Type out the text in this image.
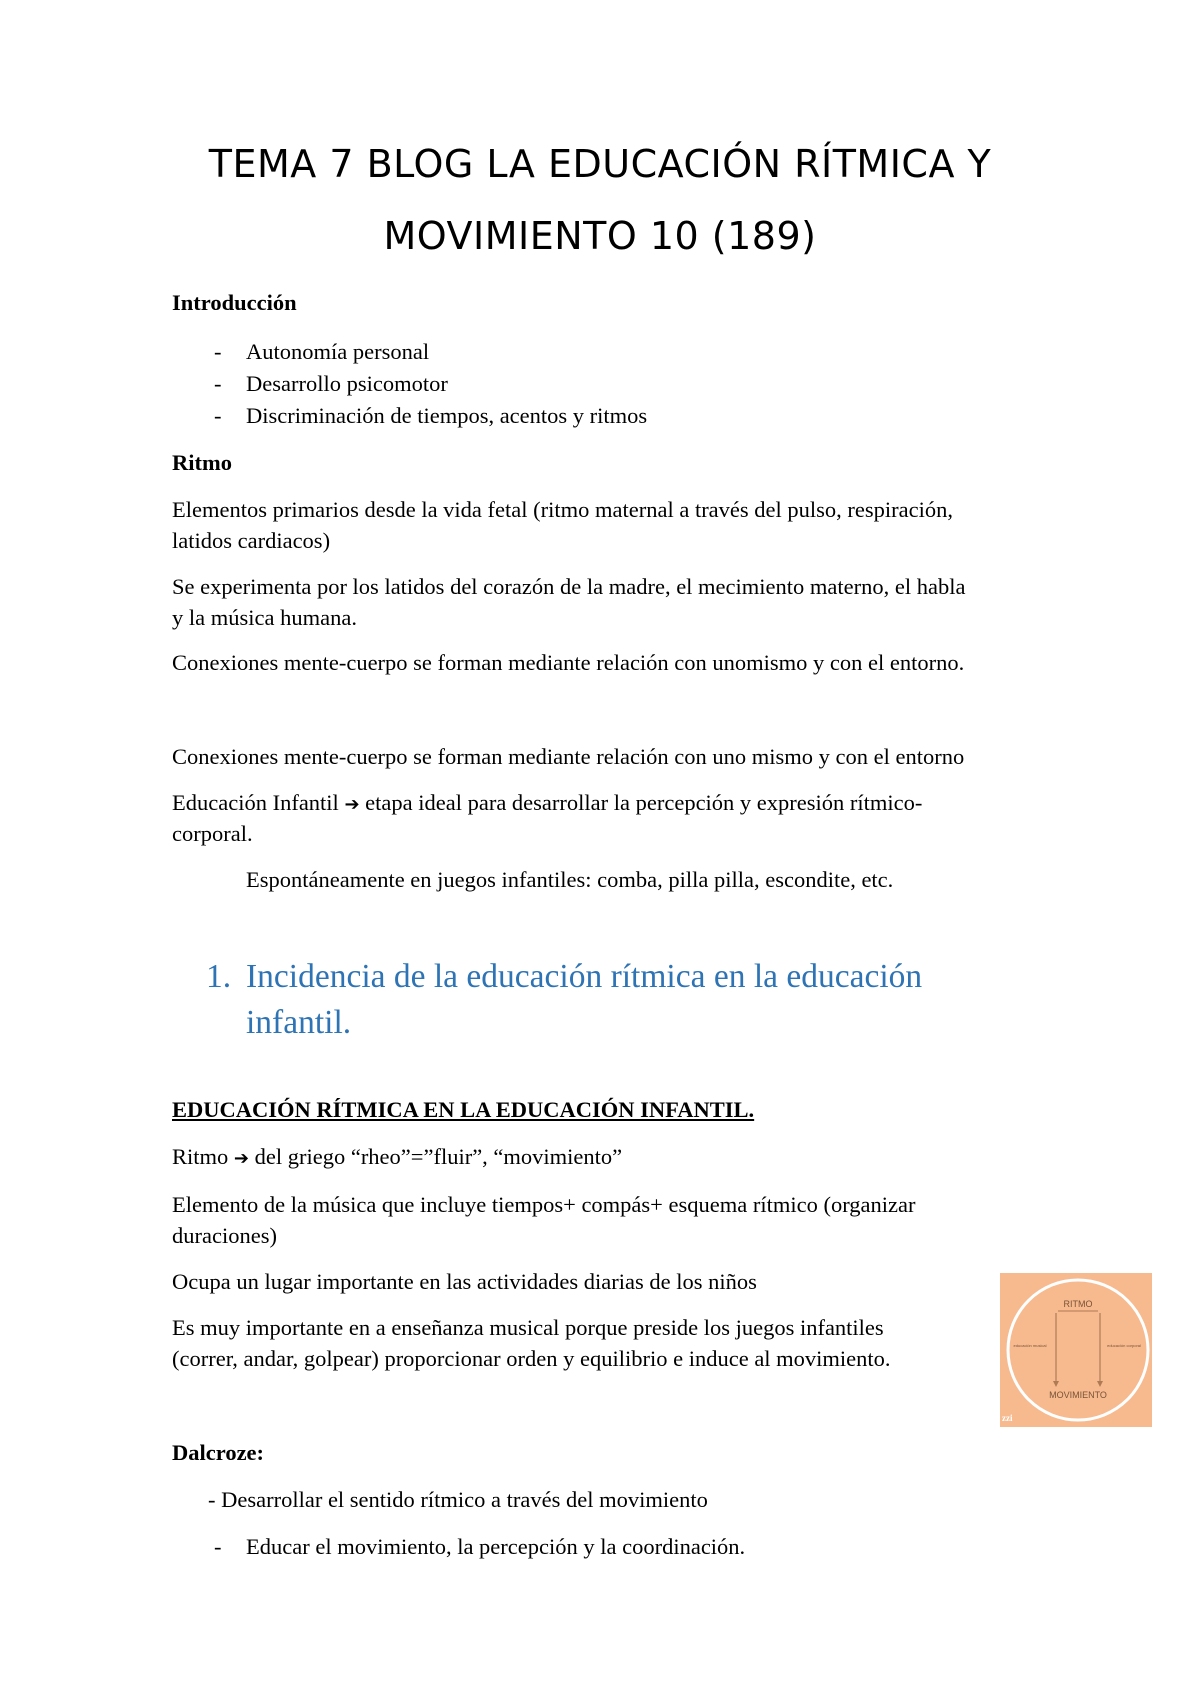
TEMA 7 BLOG LA EDUCACIÓN RÍTMICA Y
MOVIMIENTO 10 (189)
Introducción
- Autonomía personal
- Desarrollo psicomotor
- Discriminación de tiempos, acentos y ritmos
Ritmo
Elementos primarios desde la vida fetal (ritmo maternal a través del pulso, respiración,
latidos cardiacos)
Se experimenta por los latidos del corazón de la madre, el mecimiento materno, el habla
y la música humana.
Conexiones mente-cuerpo se forman mediante relación con unomismo y con el entorno.
Conexiones mente-cuerpo se forman mediante relación con uno mismo y con el entorno
Educación Infantil ➔ etapa ideal para desarrollar la percepción y expresión rítmico-
corporal.
Espontáneamente en juegos infantiles: comba, pilla pilla, escondite, etc.
1. Incidencia de la educación rítmica en la educación
infantil.
EDUCACIÓN RÍTMICA EN LA EDUCACIÓN INFANTIL.
Ritmo ➔ del griego “rheo”=”fluir”, “movimiento”
Elemento de la música que incluye tiempos+ compás+ esquema rítmico (organizar
duraciones)
Ocupa un lugar importante en las actividades diarias de los niños
Es muy importante en a enseñanza musical porque preside los juegos infantiles
(correr, andar, golpear) proporcionar orden y equilibrio e induce al movimiento.
RITMO
educación musical	educación corporal
MOVIMIENTO
zzi
Dalcroze:
- Desarrollar el sentido rítmico a través del movimiento
- Educar el movimiento, la percepción y la coordinación.
